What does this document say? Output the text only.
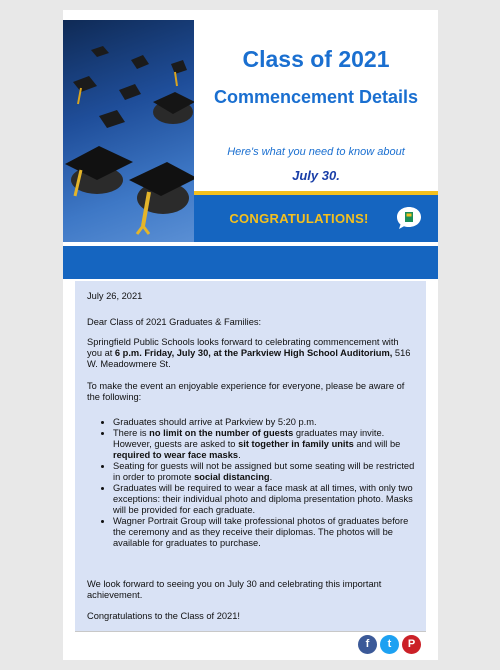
Class of 2021
Commencement Details
Here's what you need to know about
July 30.
CONGRATULATIONS!

July 26, 2021

Dear Class of 2021 Graduates & Families:

Springfield Public Schools looks forward to celebrating commencement with you at 6 p.m. Friday, July 30, at the Parkview High School Auditorium, 516 W. Meadowmere St.

To make the event an enjoyable experience for everyone, please be aware of the following:

• Graduates should arrive at Parkview by 5:20 p.m.
• There is no limit on the number of guests graduates may invite. However, guests are asked to sit together in family units and will be required to wear face masks.
• Seating for guests will not be assigned but some seating will be restricted in order to promote social distancing.
• Graduates will be required to wear a face mask at all times, with only two exceptions: their individual photo and diploma presentation photo. Masks will be provided for each graduate.
• Wagner Portrait Group will take professional photos of graduates before the ceremony and as they receive their diplomas. The photos will be available for graduates to purchase.

We look forward to seeing you on July 30 and celebrating this important achievement.

Congratulations to the Class of 2021!

f	t	P
